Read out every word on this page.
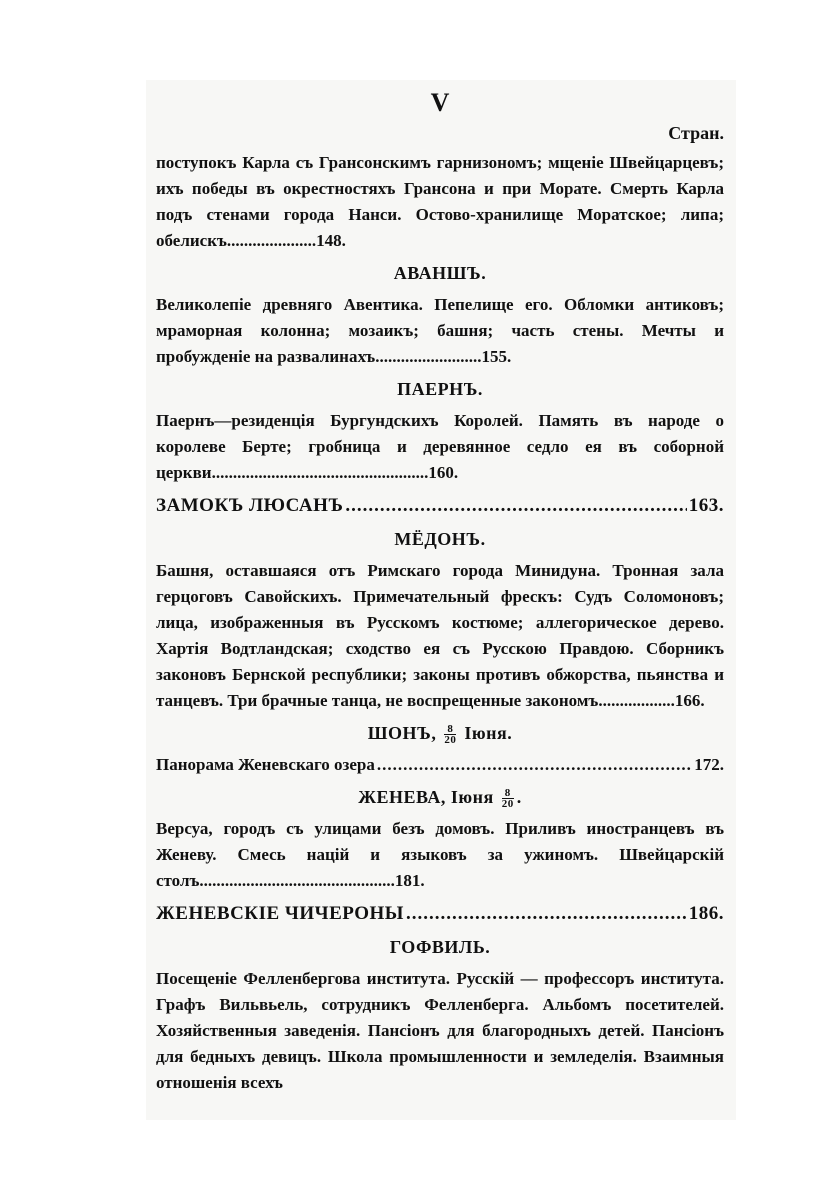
V
Стран.
поступокъ Карла съ Грансонскимъ гарнизономъ; мщеніе Швейцарцевъ; ихъ победы въ окрестностяхъ Грансона и при Морате. Смерть Карла подъ стенами города Нанси. Остово-хранилище Моратское; липа; обелискъ.....................148.
АВАНШЪ.
Великолепіе древняго Авентика. Пепелище его. Обломки антиковъ; мраморная колонна; мозаикъ; башня; часть стены. Мечты и пробужденіе на развалинахъ.........................155.
ПАЕРНЪ.
Паернъ—резиденція Бургундскихъ Королей. Память въ народе о королеве Берте; гробница и деревянное седло ея въ соборной церкви...................................................160.
ЗАМОКЪ ЛЮСАНЪ .....	163.
МЁДОНЪ.
Башня, оставшаяся отъ Римскаго города Минидуна. Тронная зала герцоговъ Савойскихъ. Примечательный фрескъ: Судъ Соломоновъ; лица, изображенныя въ Русскомъ костюме; аллегорическое дерево. Хартія Водтландская; сходство ея съ Русскою Правдою. Сборникъ законовъ Бернской республики; законы противъ обжорства, пьянства и танцевъ. Три брачные танца, не воспрещенные закономъ..................166.
ШОНЪ, $\frac{8}{20}$ Іюня.
Панорама Женевскаго озера .....	172.
ЖЕНЕВА, Іюня $\frac{8}{20}$ .
Версуа, городъ съ улицами безъ домовъ. Приливъ иностранцевъ въ Женеву. Смесь націй и языковъ за ужиномъ. Швейцарскій столъ..............................................181.
ЖЕНЕВСКІЕ ЧИЧЕРОНЫ .....	186.
ГОФВИЛЬ.
Посещеніе Фелленбергова института. Русскій — профессоръ института. Графъ Вильвьель, сотрудникъ Фелленберга. Альбомъ посетителей. Хозяйственныя заведенія. Пансіонъ для благородныхъ детей. Пансіонъ для бедныхъ девицъ. Школа промышленности и земледелія. Взаимныя отношенія всехъ
